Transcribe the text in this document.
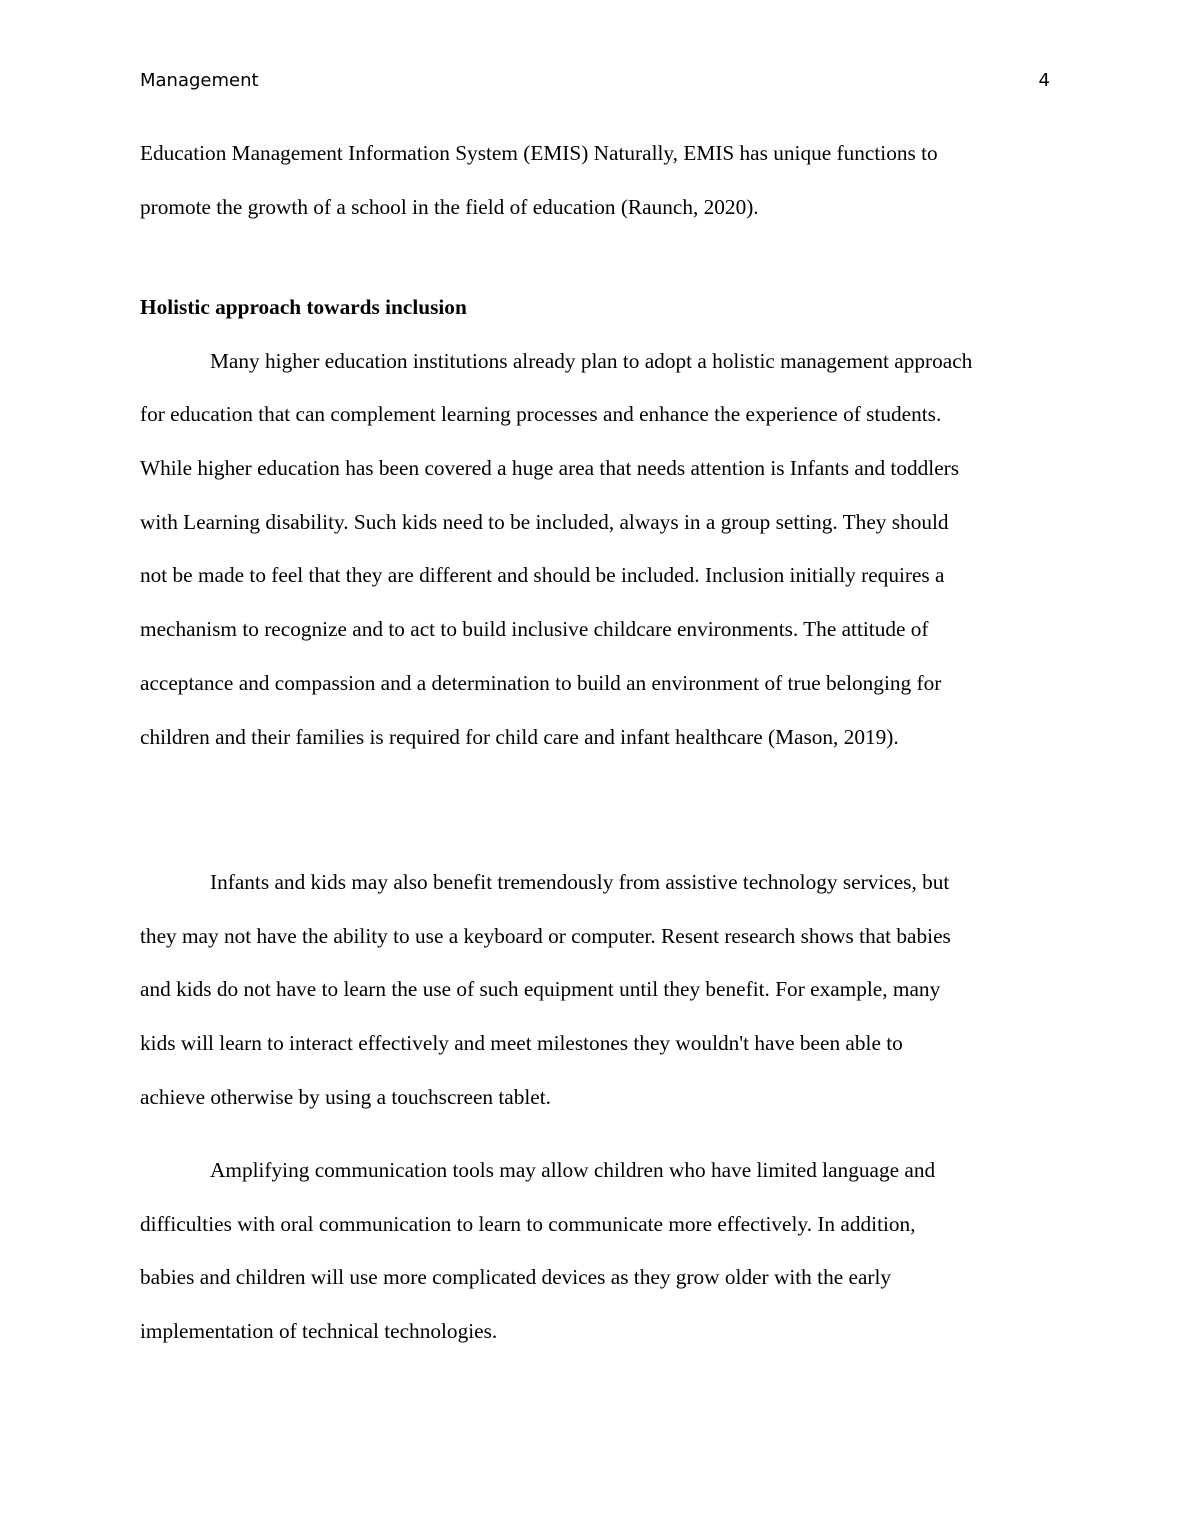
Management	4
Education Management Information System (EMIS) Naturally, EMIS has unique functions to
promote the growth of a school in the field of education (Raunch, 2020).
Holistic approach towards inclusion
Many higher education institutions already plan to adopt a holistic management approach
for education that can complement learning processes and enhance the experience of students.
While higher education has been covered a huge area that needs attention is Infants and toddlers
with Learning disability. Such kids need to be included, always in a group setting. They should
not be made to feel that they are different and should be included. Inclusion initially requires a
mechanism to recognize and to act to build inclusive childcare environments. The attitude of
acceptance and compassion and a determination to build an environment of true belonging for
children and their families is required for child care and infant healthcare (Mason, 2019).
Infants and kids may also benefit tremendously from assistive technology services, but
they may not have the ability to use a keyboard or computer. Resent research shows that babies
and kids do not have to learn the use of such equipment until they benefit. For example, many
kids will learn to interact effectively and meet milestones they wouldn't have been able to
achieve otherwise by using a touchscreen tablet.
Amplifying communication tools may allow children who have limited language and
difficulties with oral communication to learn to communicate more effectively. In addition,
babies and children will use more complicated devices as they grow older with the early
implementation of technical technologies.
